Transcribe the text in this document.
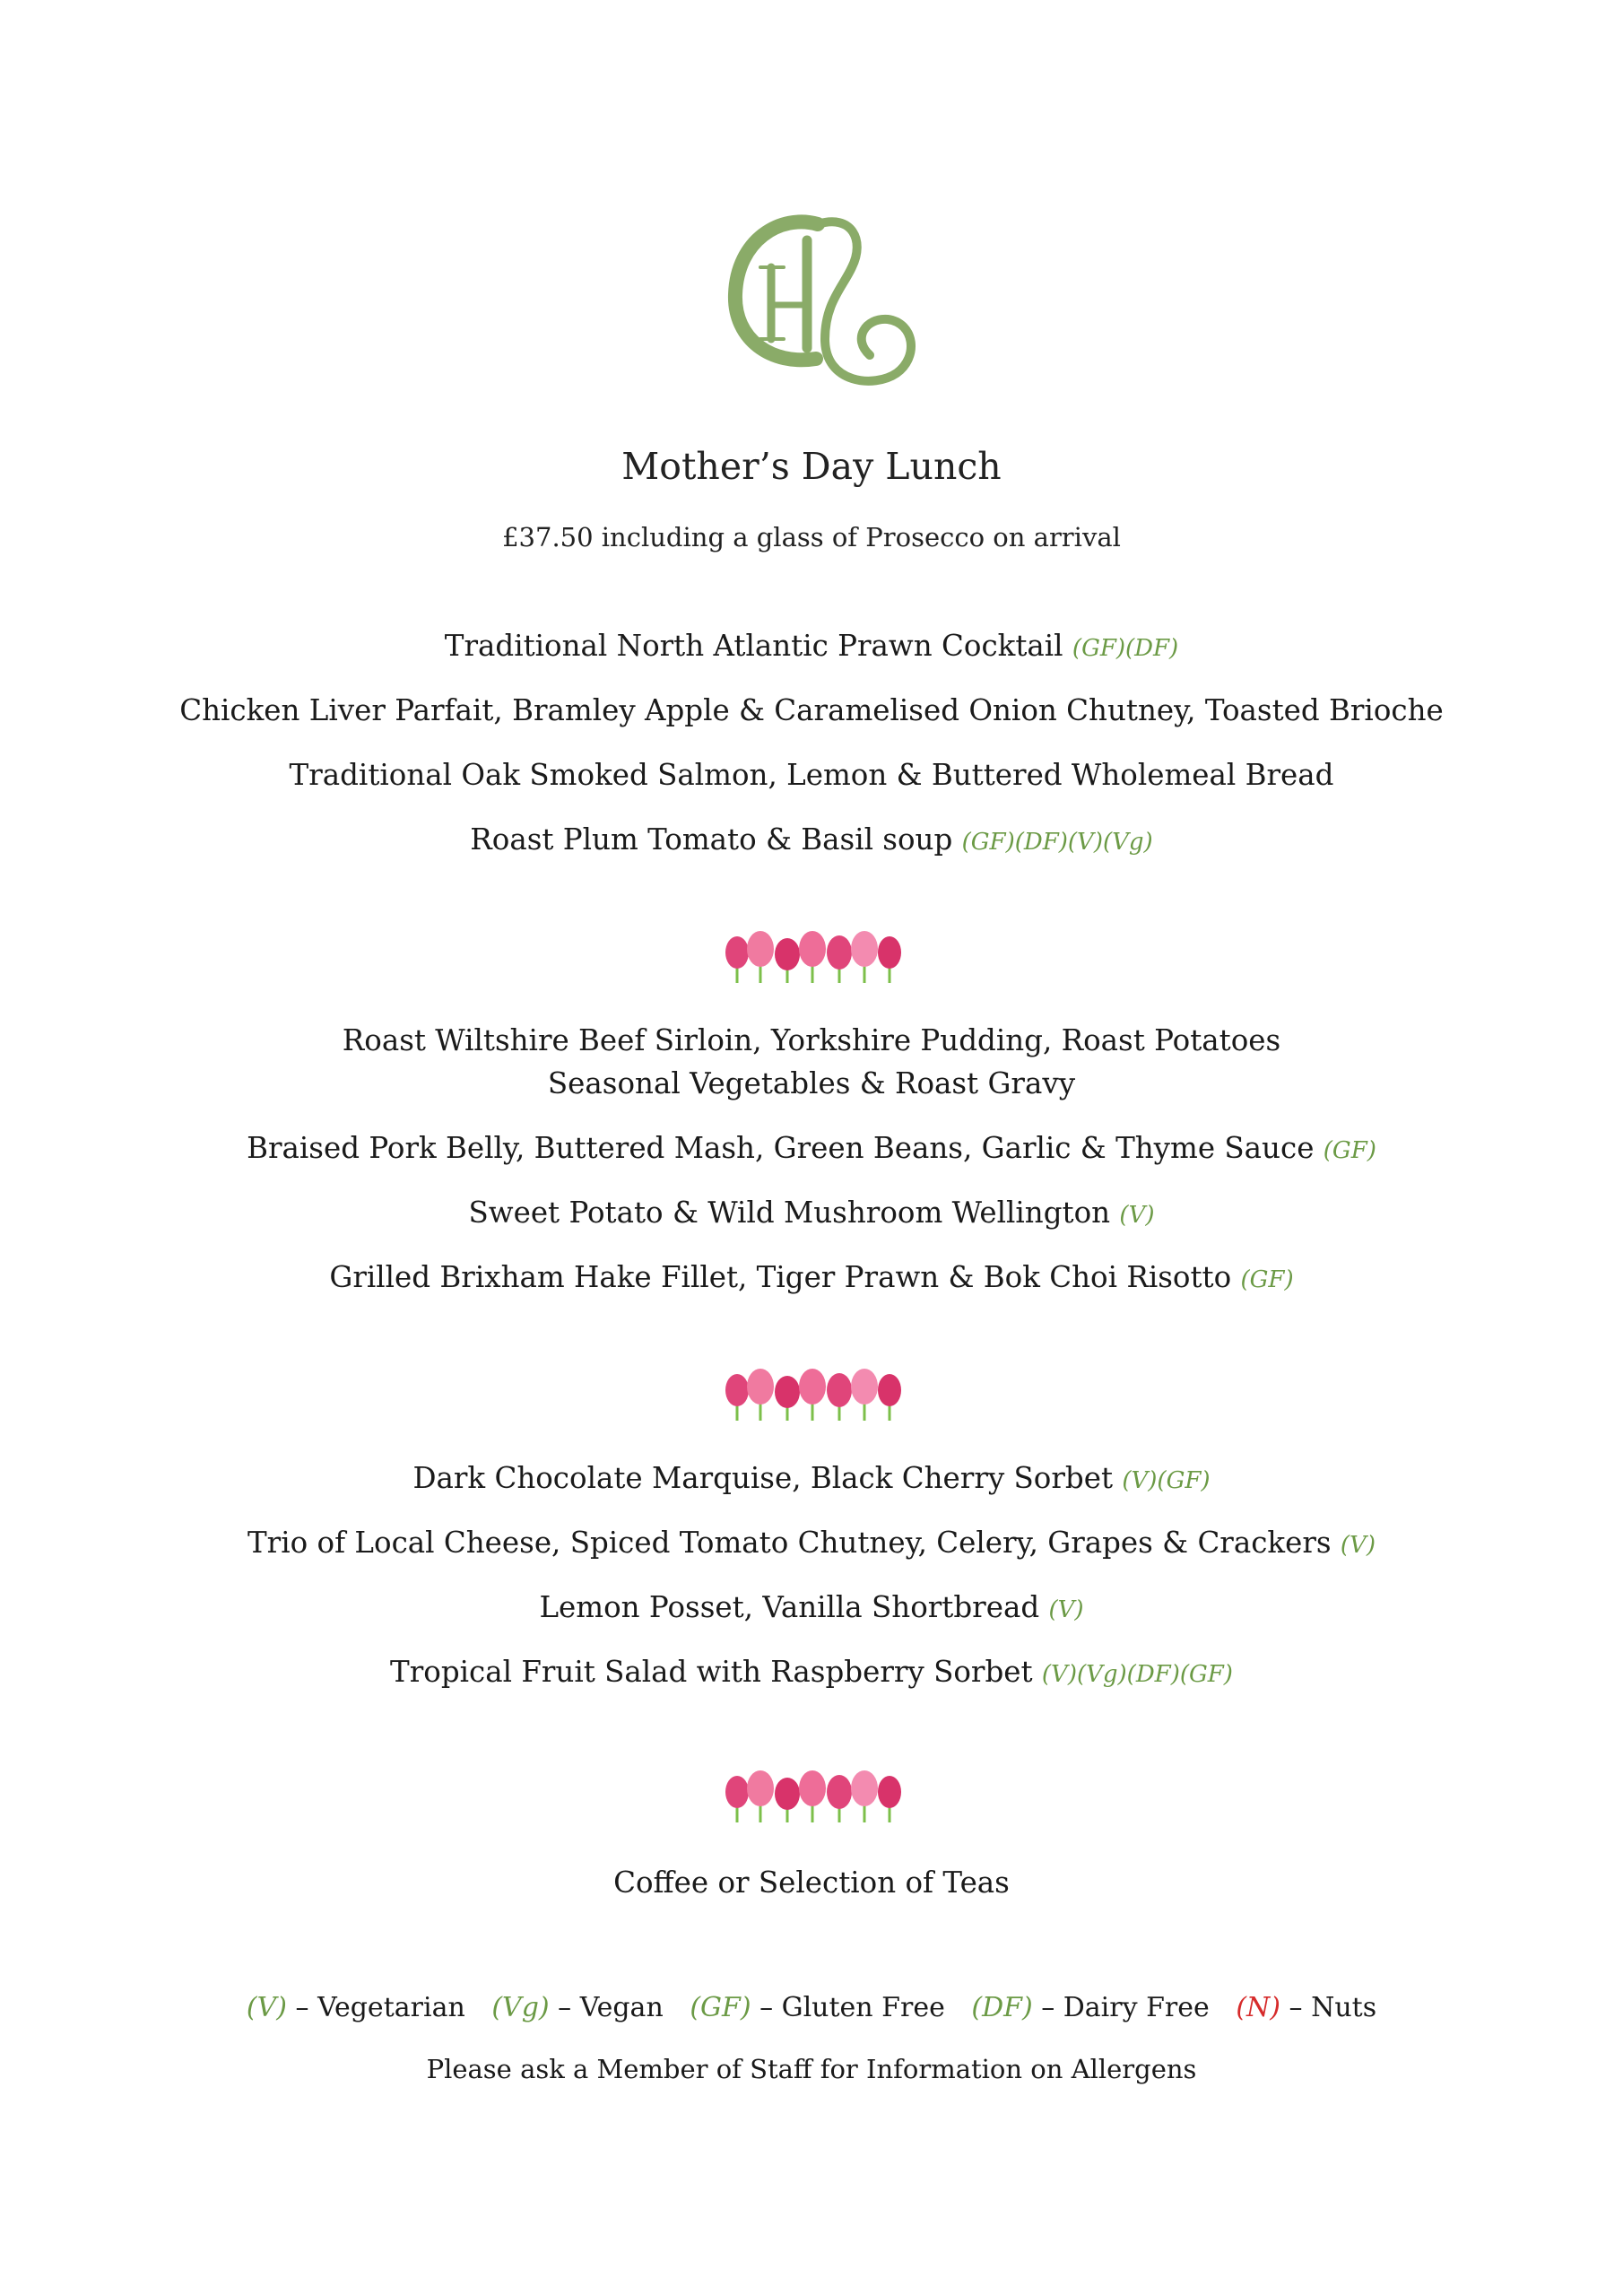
Mother’s Day Lunch
£37.50 including a glass of Prosecco on arrival
Traditional North Atlantic Prawn Cocktail (GF)(DF)
Chicken Liver Parfait, Bramley Apple & Caramelised Onion Chutney, Toasted Brioche
Traditional Oak Smoked Salmon, Lemon & Buttered Wholemeal Bread
Roast Plum Tomato & Basil soup (GF)(DF)(V)(Vg)
Roast Wiltshire Beef Sirloin, Yorkshire Pudding, Roast Potatoes
Seasonal Vegetables & Roast Gravy
Braised Pork Belly, Buttered Mash, Green Beans, Garlic & Thyme Sauce (GF)
Sweet Potato & Wild Mushroom Wellington (V)
Grilled Brixham Hake Fillet, Tiger Prawn & Bok Choi Risotto (GF)
Dark Chocolate Marquise, Black Cherry Sorbet (V)(GF)
Trio of Local Cheese, Spiced Tomato Chutney, Celery, Grapes & Crackers (V)
Lemon Posset, Vanilla Shortbread (V)
Tropical Fruit Salad with Raspberry Sorbet (V)(Vg)(DF)(GF)
Coffee or Selection of Teas
(V) – Vegetarian (Vg) – Vegan (GF) – Gluten Free (DF) – Dairy Free (N) – Nuts
Please ask a Member of Staff for Information on Allergens
